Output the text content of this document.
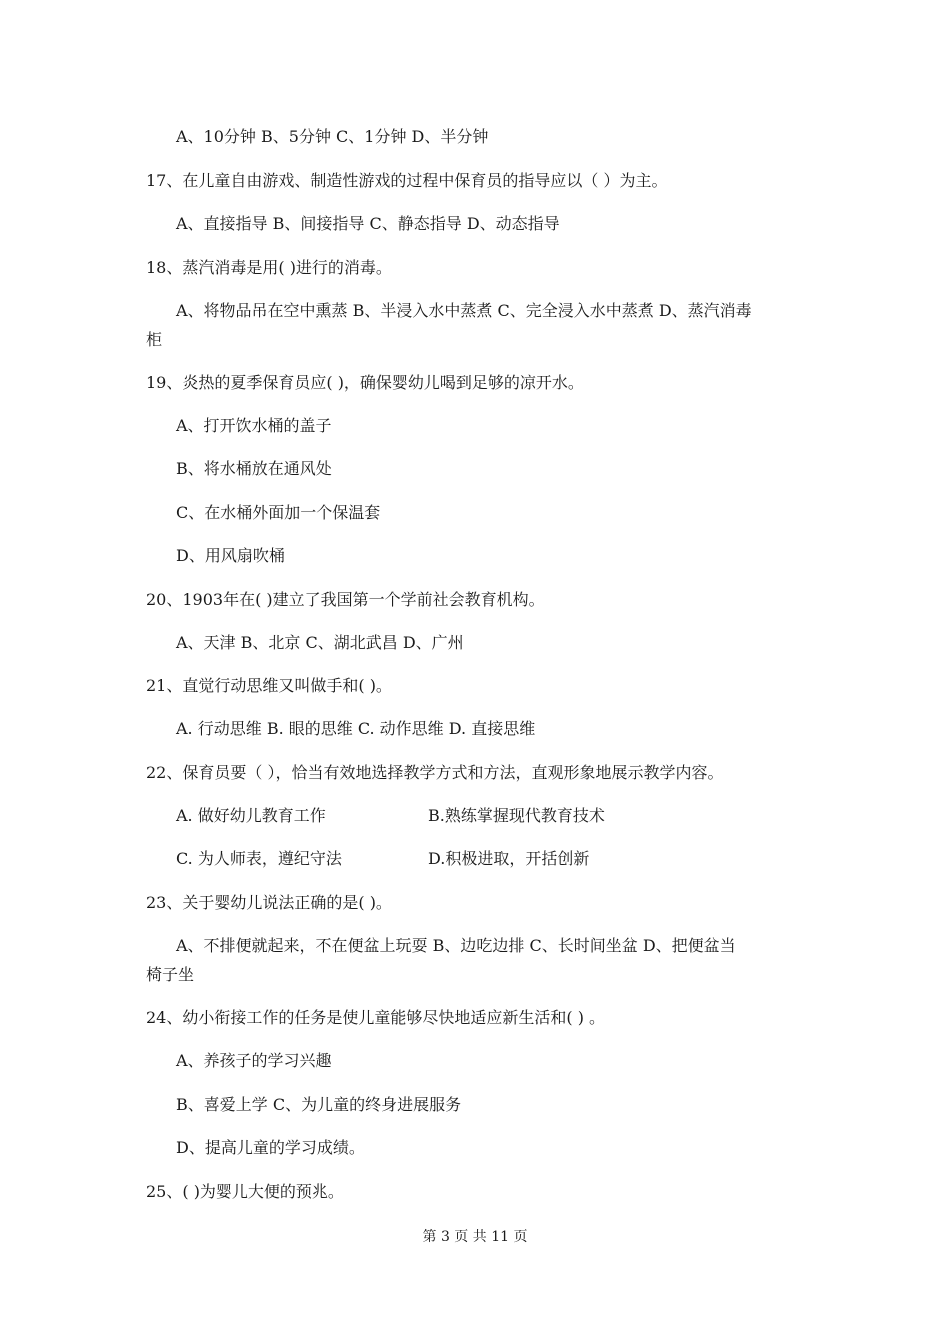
A、10分钟 B、5分钟 C、1分钟 D、半分钟
17、在儿童自由游戏、制造性游戏的过程中保育员的指导应以（ ）为主。
A、直接指导 B、间接指导 C、静态指导 D、动态指导
18、蒸汽消毒是用( )进行的消毒。
A、将物品吊在空中熏蒸 B、半浸入水中蒸煮 C、完全浸入水中蒸煮 D、蒸汽消毒
柜
19、炎热的夏季保育员应( )，确保婴幼儿喝到足够的凉开水。
A、打开饮水桶的盖子
B、将水桶放在通风处
C、在水桶外面加一个保温套
D、用风扇吹桶
20、1903年在( )建立了我国第一个学前社会教育机构。
A、天津 B、北京 C、湖北武昌 D、广州
21、直觉行动思维又叫做手和( )。
A. 行动思维 B. 眼的思维 C. 动作思维 D. 直接思维
22、保育员要（ ），恰当有效地选择教学方式和方法，直观形象地展示教学内容。
A. 做好幼儿教育工作	B.熟练掌握现代教育技术
C. 为人师表，遵纪守法	D.积极进取，开括创新
23、关于婴幼儿说法正确的是( )。
A、不排便就起来，不在便盆上玩耍 B、边吃边排 C、长时间坐盆 D、把便盆当
椅子坐
24、幼小衔接工作的任务是使儿童能够尽快地适应新生活和( ) 。
A、养孩子的学习兴趣
B、喜爱上学 C、为儿童的终身进展服务
D、提高儿童的学习成绩。
25、( )为婴儿大便的预兆。
第 3 页 共 11 页
